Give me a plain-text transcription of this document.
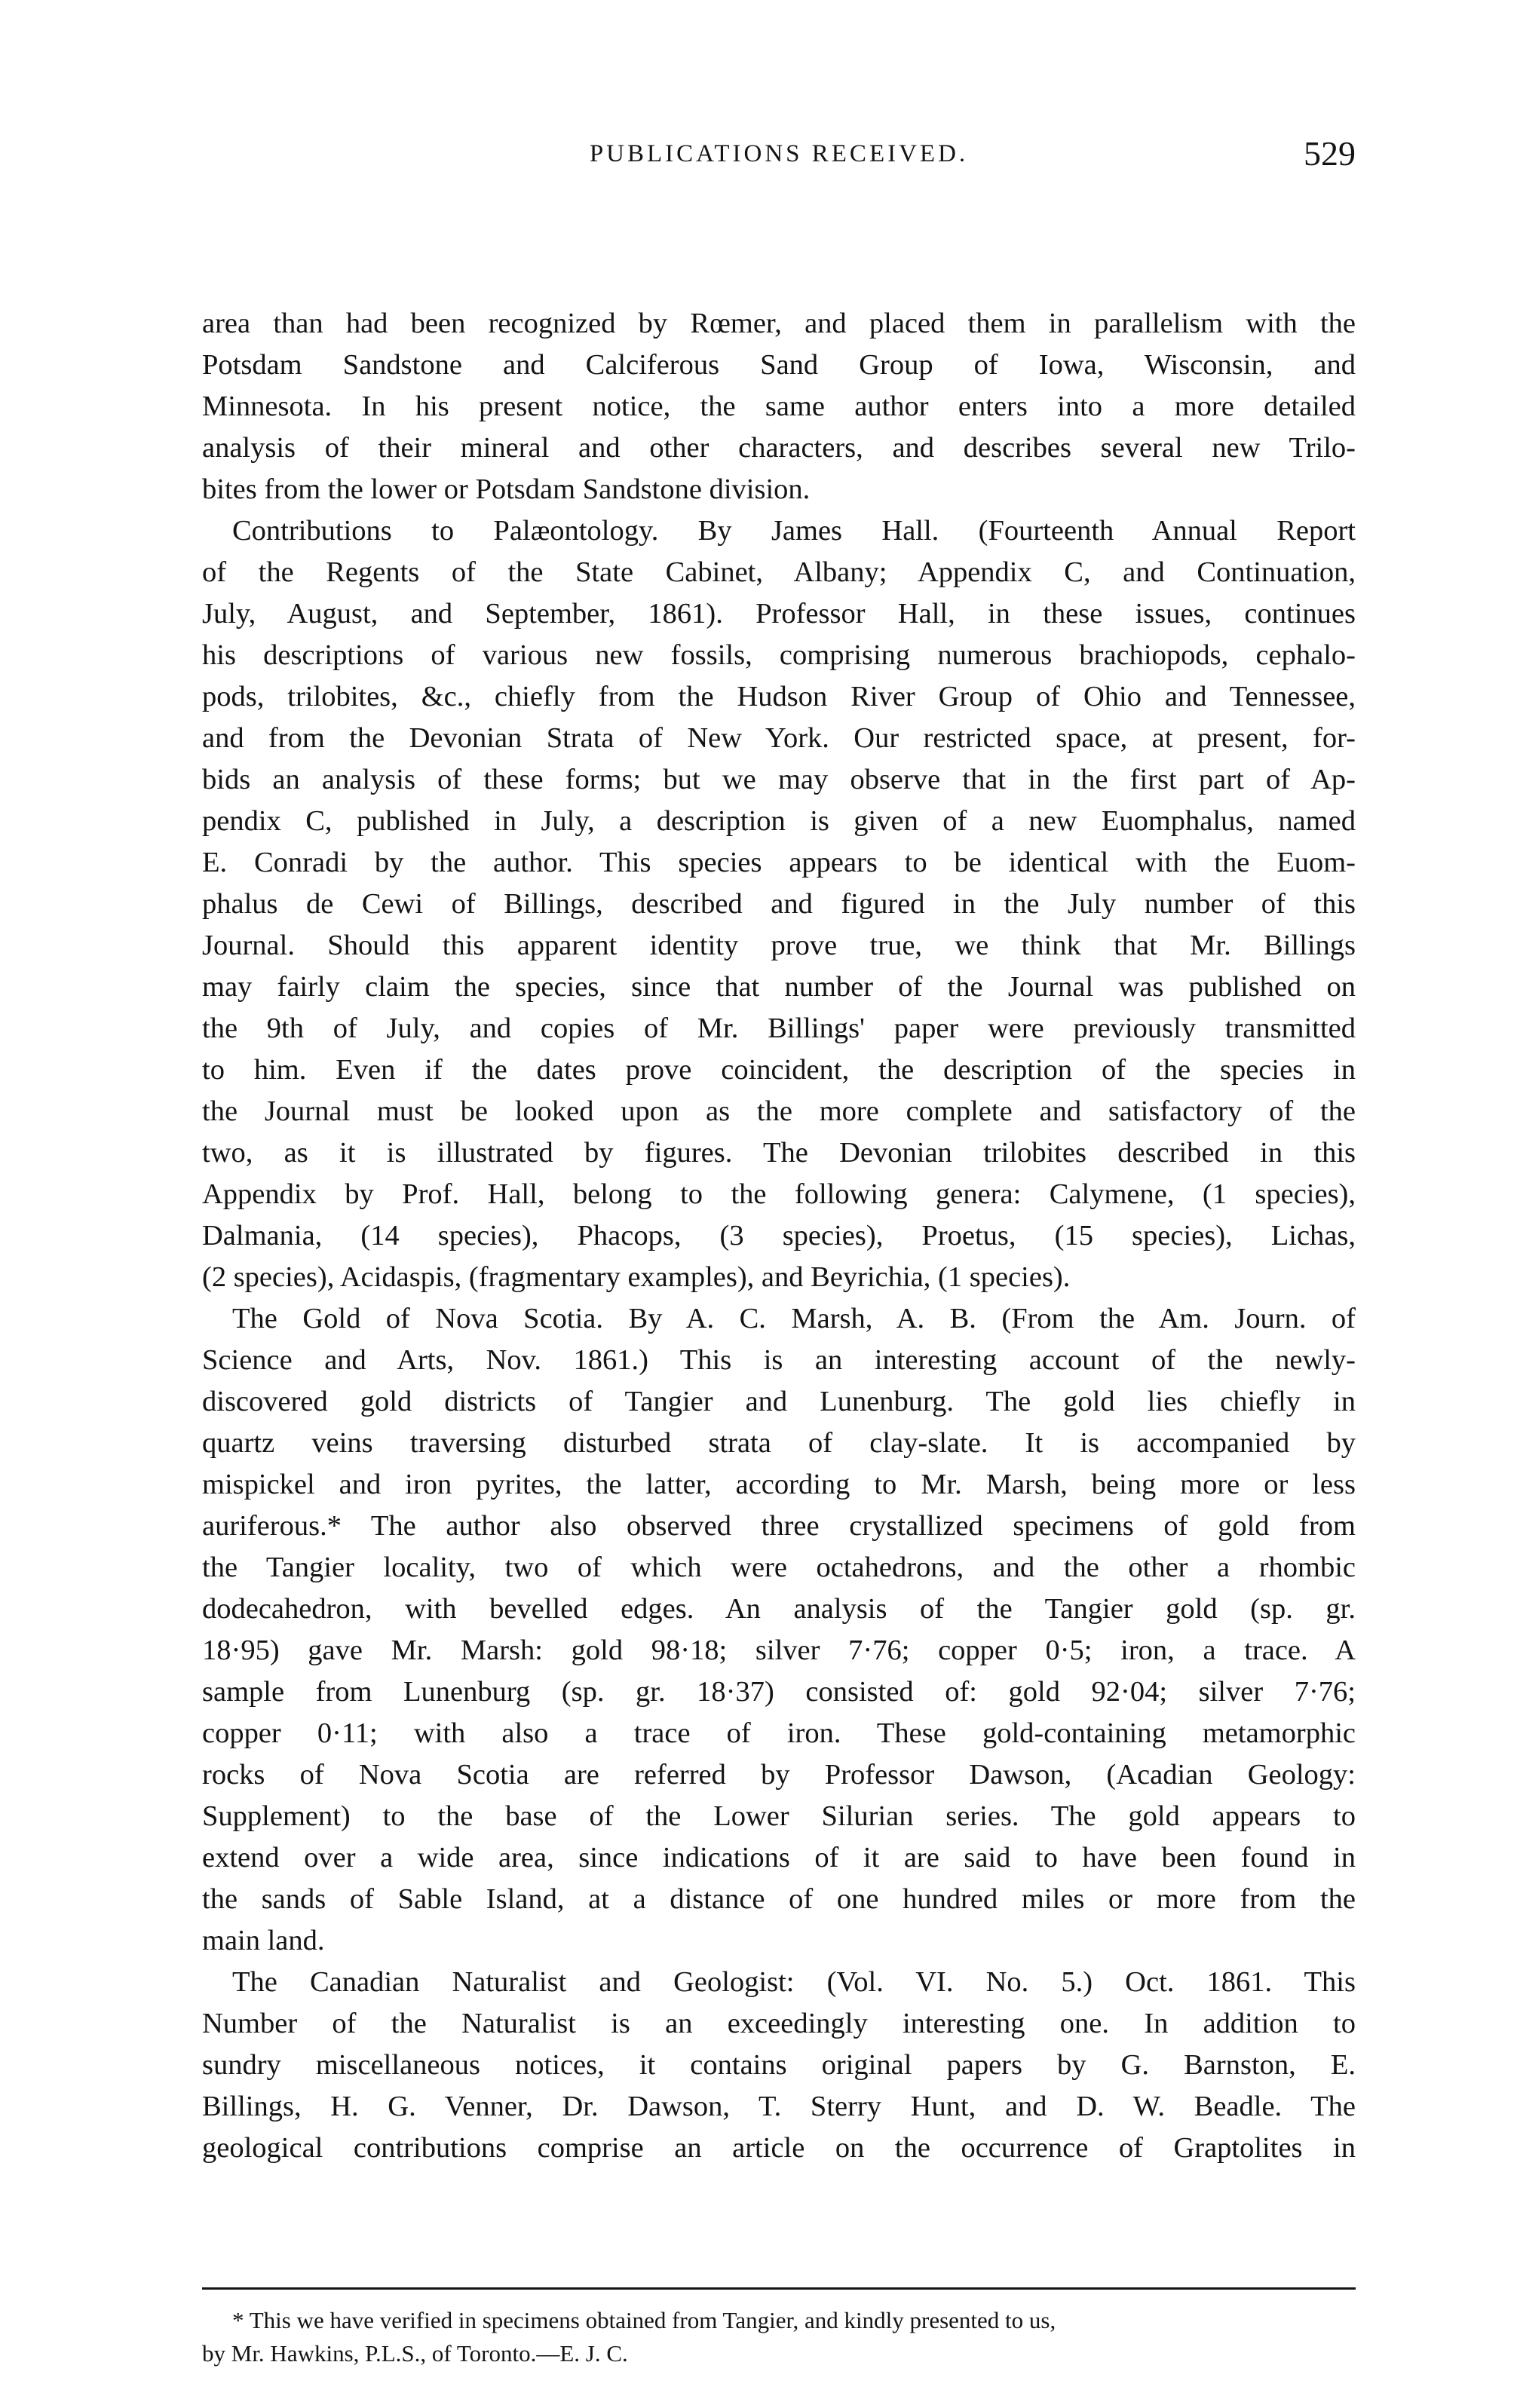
PUBLICATIONS RECEIVED.	529
area than had been recognized by Rœmer, and placed them in parallelism with the
Potsdam Sandstone and Calciferous Sand Group of Iowa, Wisconsin, and
Minnesota. In his present notice, the same author enters into a more detailed
analysis of their mineral and other characters, and describes several new Trilo-
bites from the lower or Potsdam Sandstone division.
Contributions to Palæontology. By James Hall. (Fourteenth Annual Report
of the Regents of the State Cabinet, Albany; Appendix C, and Continuation,
July, August, and September, 1861). Professor Hall, in these issues, continues
his descriptions of various new fossils, comprising numerous brachiopods, cephalo-
pods, trilobites, &c., chiefly from the Hudson River Group of Ohio and Tennessee,
and from the Devonian Strata of New York. Our restricted space, at present, for-
bids an analysis of these forms; but we may observe that in the first part of Ap-
pendix C, published in July, a description is given of a new Euomphalus, named
E. Conradi by the author. This species appears to be identical with the Euom-
phalus de Cewi of Billings, described and figured in the July number of this
Journal. Should this apparent identity prove true, we think that Mr. Billings
may fairly claim the species, since that number of the Journal was published on
the 9th of July, and copies of Mr. Billings' paper were previously transmitted
to him. Even if the dates prove coincident, the description of the species in
the Journal must be looked upon as the more complete and satisfactory of the
two, as it is illustrated by figures. The Devonian trilobites described in this
Appendix by Prof. Hall, belong to the following genera: Calymene, (1 species),
Dalmania, (14 species), Phacops, (3 species), Proetus, (15 species), Lichas,
(2 species), Acidaspis, (fragmentary examples), and Beyrichia, (1 species).
The Gold of Nova Scotia. By A. C. Marsh, A. B. (From the Am. Journ. of
Science and Arts, Nov. 1861.) This is an interesting account of the newly-
discovered gold districts of Tangier and Lunenburg. The gold lies chiefly in
quartz veins traversing disturbed strata of clay-slate. It is accompanied by
mispickel and iron pyrites, the latter, according to Mr. Marsh, being more or less
auriferous.* The author also observed three crystallized specimens of gold from
the Tangier locality, two of which were octahedrons, and the other a rhombic
dodecahedron, with bevelled edges. An analysis of the Tangier gold (sp. gr.
18·95) gave Mr. Marsh: gold 98·18; silver 7·76; copper 0·5; iron, a trace. A
sample from Lunenburg (sp. gr. 18·37) consisted of: gold 92·04; silver 7·76;
copper 0·11; with also a trace of iron. These gold-containing metamorphic
rocks of Nova Scotia are referred by Professor Dawson, (Acadian Geology:
Supplement) to the base of the Lower Silurian series. The gold appears to
extend over a wide area, since indications of it are said to have been found in
the sands of Sable Island, at a distance of one hundred miles or more from the
main land.
The Canadian Naturalist and Geologist: (Vol. VI. No. 5.) Oct. 1861. This
Number of the Naturalist is an exceedingly interesting one. In addition to
sundry miscellaneous notices, it contains original papers by G. Barnston, E.
Billings, H. G. Venner, Dr. Dawson, T. Sterry Hunt, and D. W. Beadle. The
geological contributions comprise an article on the occurrence of Graptolites in
* This we have verified in specimens obtained from Tangier, and kindly presented to us,
by Mr. Hawkins, P.L.S., of Toronto.—E. J. C.
